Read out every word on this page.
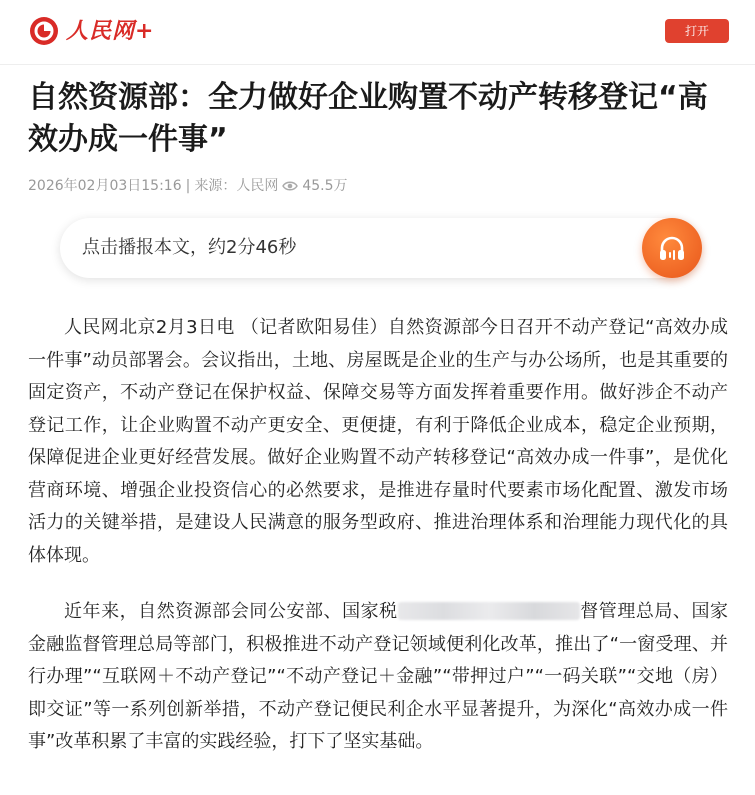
人民网+	打开
自然资源部：全力做好企业购置不动产转移登记“高效办成一件事”
2026年02月03日15:16 | 来源： 人民网 45.5万
点击播报本文，约2分46秒

人民网北京2月3日电 （记者欧阳易佳）自然资源部今日召开不动产登记“高效办成一件事”动员部署会。会议指出，土地、房屋既是企业的生产与办公场所，也是其重要的固定资产，不动产登记在保护权益、保障交易等方面发挥着重要作用。做好涉企不动产登记工作，让企业购置不动产更安全、更便捷，有利于降低企业成本，稳定企业预期，保障促进企业更好经营发展。做好企业购置不动产转移登记“高效办成一件事”，是优化营商环境、增强企业投资信心的必然要求，是推进存量时代要素市场化配置、激发市场活力的关键举措，是建设人民满意的服务型政府、推进治理体系和治理能力现代化的具体体现。

近年来，自然资源部会同公安部、国家税	督管理总局、国家金融监督管理总局等部门，积极推进不动产登记领域便利化改革，推出了“一窗受理、并行办理”“互联网＋不动产登记”“不动产登记＋金融”“带押过户”“一码关联”“交地（房）即交证”等一系列创新举措，不动产登记便民利企水平显著提升，为深化“高效办成一件事”改革积累了丰富的实践经验，打下了坚实基础。
